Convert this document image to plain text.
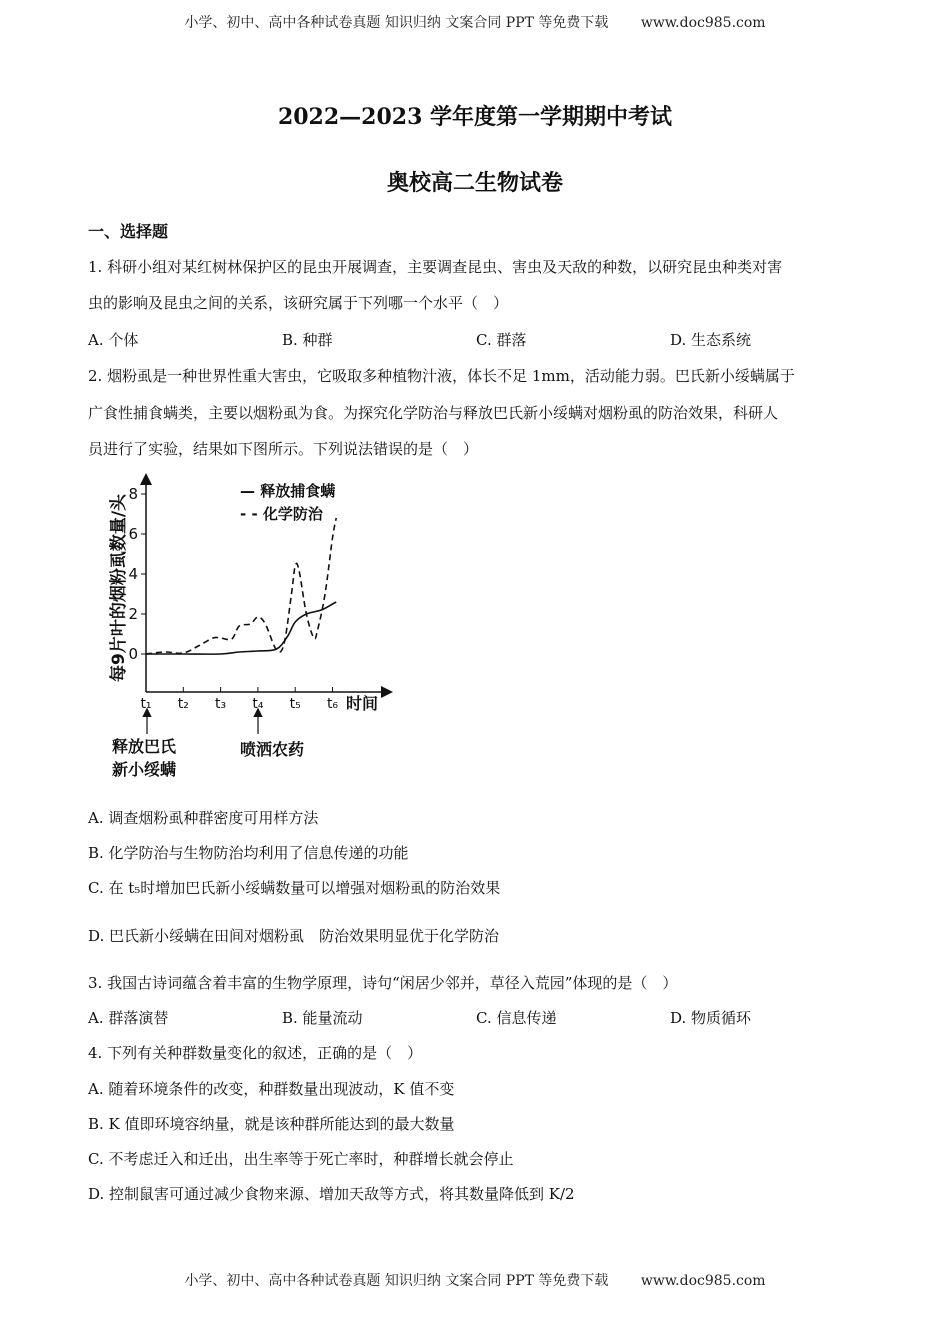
小学、初中、高中各种试卷真题 知识归纳 文案合同 PPT 等免费下载 www.doc985.com
2022—2023 学年度第一学期期中考试
奥校高二生物试卷
一、选择题
1. 科研小组对某红树林保护区的昆虫开展调查，主要调查昆虫、害虫及天敌的种数，以研究昆虫种类对害
虫的影响及昆虫之间的关系，该研究属于下列哪一个水平（　）
A. 个体	B. 种群	C. 群落	D. 生态系统
2. 烟粉虱是一种世界性重大害虫，它吸取多种植物汁液，体长不足 1mm，活动能力弱。巴氏新小绥螨属于
广食性捕食螨类，主要以烟粉虱为食。为探究化学防治与释放巴氏新小绥螨对烟粉虱的防治效果，科研人
员进行了实验，结果如下图所示。下列说法错误的是（　）
每9片叶的烟粉虱数量/头
时间
0
2
4
6
8
t₁ t₂ t₃ t₄ t₅ t₆
— 释放捕食螨
- - 化学防治
释放巴氏
新小绥螨
喷洒农药
A. 调查烟粉虱种群密度可用样方法
B. 化学防治与生物防治均利用了信息传递的功能
C. 在 t₅时增加巴氏新小绥螨数量可以增强对烟粉虱的防治效果
D. 巴氏新小绥螨在田间对烟粉虱　防治效果明显优于化学防治
3. 我国古诗词蕴含着丰富的生物学原理，诗句“闲居少邻并，草径入荒园”体现的是（　）
A. 群落演替	B. 能量流动	C. 信息传递	D. 物质循环
4. 下列有关种群数量变化的叙述，正确的是（　）
A. 随着环境条件的改变，种群数量出现波动，K 值不变
B. K 值即环境容纳量，就是该种群所能达到的最大数量
C. 不考虑迁入和迁出，出生率等于死亡率时，种群增长就会停止
D. 控制鼠害可通过减少食物来源、增加天敌等方式，将其数量降低到 K/2
小学、初中、高中各种试卷真题 知识归纳 文案合同 PPT 等免费下载 www.doc985.com
